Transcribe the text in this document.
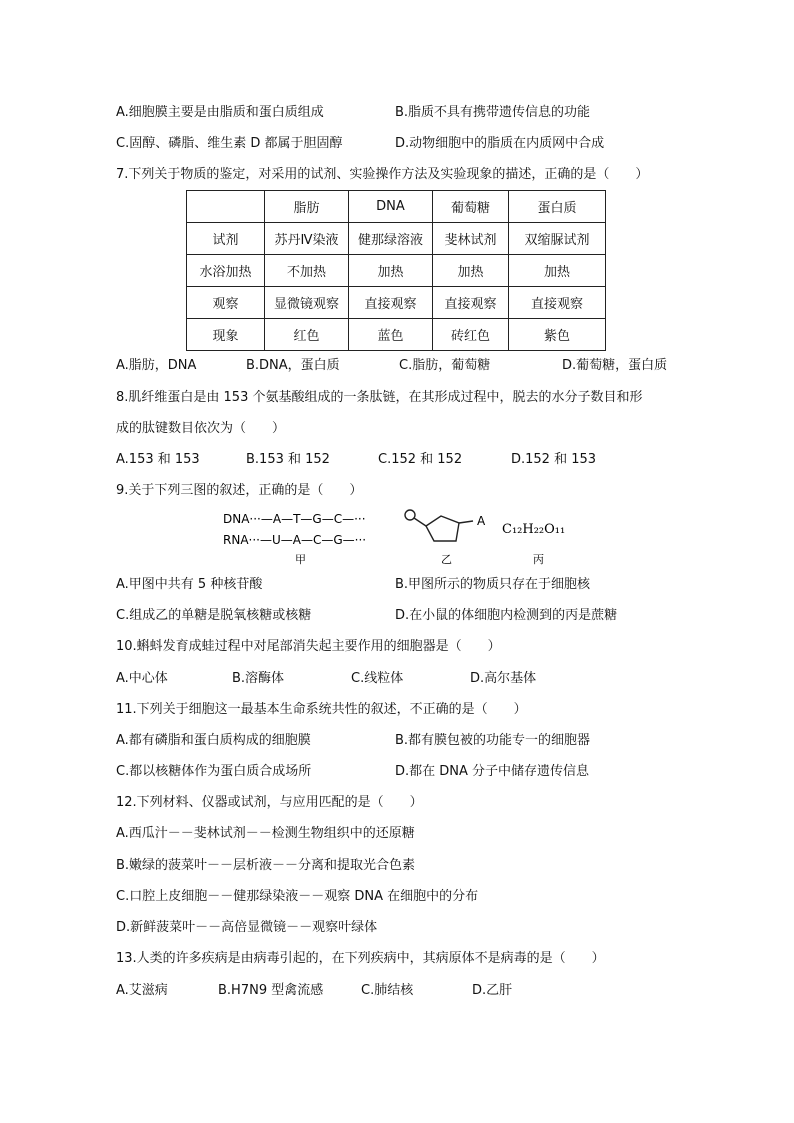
A.细胞膜主要是由脂质和蛋白质组成	B.脂质不具有携带遗传信息的功能
C.固醇、磷脂、维生素 D 都属于胆固醇	D.动物细胞中的脂质在内质网中合成
7.下列关于物质的鉴定，对采用的试剂、实验操作方法及实验现象的描述，正确的是（　　）
	脂肪	DNA	葡萄糖	蛋白质
试剂	苏丹Ⅳ染液	健那绿溶液	斐林试剂	双缩脲试剂
水浴加热	不加热	加热	加热	加热
观察	显微镜观察	直接观察	直接观察	直接观察
现象	红色	蓝色	砖红色	紫色
A.脂肪，DNA	B.DNA，蛋白质	C.脂肪，葡萄糖	D.葡萄糖，蛋白质
8.肌纤维蛋白是由 153 个氨基酸组成的一条肽链，在其形成过程中，脱去的水分子数目和形
成的肽键数目依次为（　　）
A.153 和 153	B.153 和 152	C.152 和 152	D.152 和 153
9.关于下列三图的叙述，正确的是（　　）
DNA···—A—T—G—C—···
RNA···—U—A—C—G—···
甲
A
乙
C₁₂H₂₂O₁₁
丙
A.甲图中共有 5 种核苷酸	B.甲图所示的物质只存在于细胞核
C.组成乙的单糖是脱氧核糖或核糖	D.在小鼠的体细胞内检测到的丙是蔗糖
10.蝌蚪发育成蛙过程中对尾部消失起主要作用的细胞器是（　　）
A.中心体	B.溶酶体	C.线粒体	D.高尔基体
11.下列关于细胞这一最基本生命系统共性的叙述，不正确的是（　　）
A.都有磷脂和蛋白质构成的细胞膜	B.都有膜包被的功能专一的细胞器
C.都以核糖体作为蛋白质合成场所	D.都在 DNA 分子中储存遗传信息
12.下列材料、仪器或试剂，与应用匹配的是（　　）
A.西瓜汁－－斐林试剂－－检测生物组织中的还原糖
B.嫩绿的菠菜叶－－层析液－－分离和提取光合色素
C.口腔上皮细胞－－健那绿染液－－观察 DNA 在细胞中的分布
D.新鲜菠菜叶－－高倍显微镜－－观察叶绿体
13.人类的许多疾病是由病毒引起的，在下列疾病中，其病原体不是病毒的是（　　）
A.艾滋病	B.H7N9 型禽流感	C.肺结核	D.乙肝
